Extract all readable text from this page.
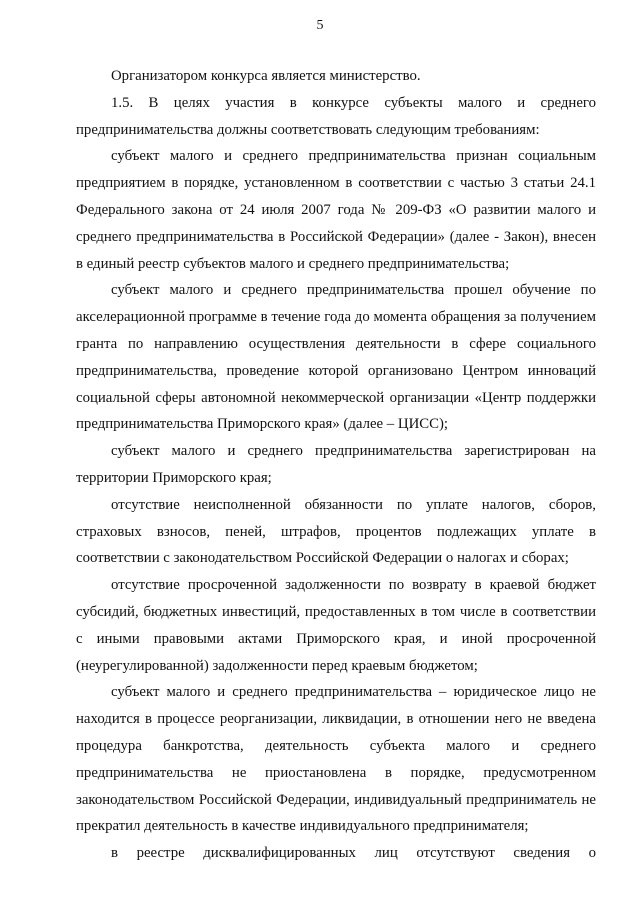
5

Организатором конкурса является министерство.

1.5. В целях участия в конкурсе субъекты малого и среднего предпринимательства должны соответствовать следующим требованиям:

субъект малого и среднего предпринимательства признан социальным предприятием в порядке, установленном в соответствии с частью 3 статьи 24.1 Федерального закона от 24 июля 2007 года № 209-ФЗ «О развитии малого и среднего предпринимательства в Российской Федерации» (далее - Закон), внесен в единый реестр субъектов малого и среднего предпринимательства;

субъект малого и среднего предпринимательства прошел обучение по акселерационной программе в течение года до момента обращения за получением гранта по направлению осуществления деятельности в сфере социального предпринимательства, проведение которой организовано Центром инноваций социальной сферы автономной некоммерческой организации «Центр поддержки предпринимательства Приморского края» (далее – ЦИСС);

субъект малого и среднего предпринимательства зарегистрирован на территории Приморского края;

отсутствие неисполненной обязанности по уплате налогов, сборов, страховых взносов, пеней, штрафов, процентов подлежащих уплате в соответствии с законодательством Российской Федерации о налогах и сборах;

отсутствие просроченной задолженности по возврату в краевой бюджет субсидий, бюджетных инвестиций, предоставленных в том числе в соответствии с иными правовыми актами Приморского края, и иной просроченной (неурегулированной) задолженности перед краевым бюджетом;

субъект малого и среднего предпринимательства – юридическое лицо не находится в процессе реорганизации, ликвидации, в отношении него не введена процедура банкротства, деятельность субъекта малого и среднего предпринимательства не приостановлена в порядке, предусмотренном законодательством Российской Федерации, индивидуальный предприниматель не прекратил деятельность в качестве индивидуального предпринимателя;

в реестре дисквалифицированных лиц отсутствуют сведения о
